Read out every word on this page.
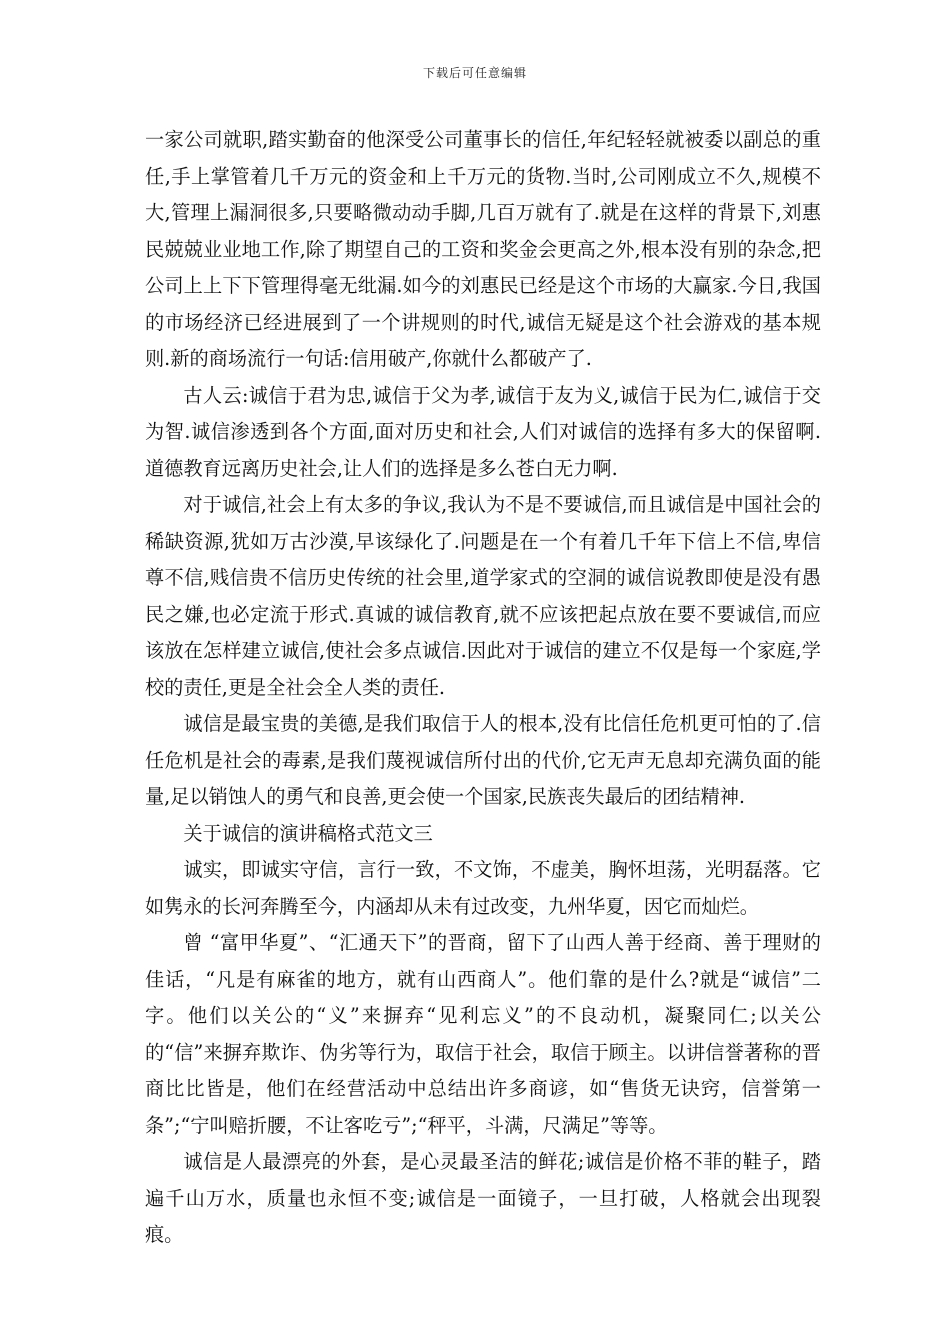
下载后可任意编辑

一家公司就职,踏实勤奋的他深受公司董事长的信任,年纪轻轻就被委以副总的重任,手上掌管着几千万元的资金和上千万元的货物.当时,公司刚成立不久,规模不大,管理上漏洞很多,只要略微动动手脚,几百万就有了.就是在这样的背景下,刘惠民兢兢业业地工作,除了期望自己的工资和奖金会更高之外,根本没有别的杂念,把公司上上下下管理得毫无纰漏.如今的刘惠民已经是这个市场的大赢家.今日,我国的市场经济已经进展到了一个讲规则的时代,诚信无疑是这个社会游戏的基本规则.新的商场流行一句话:信用破产,你就什么都破产了.

古人云:诚信于君为忠,诚信于父为孝,诚信于友为义,诚信于民为仁,诚信于交为智.诚信渗透到各个方面,面对历史和社会,人们对诚信的选择有多大的保留啊.道德教育远离历史社会,让人们的选择是多么苍白无力啊.

对于诚信,社会上有太多的争议,我认为不是不要诚信,而且诚信是中国社会的稀缺资源,犹如万古沙漠,早该绿化了.问题是在一个有着几千年下信上不信,卑信尊不信,贱信贵不信历史传统的社会里,道学家式的空洞的诚信说教即使是没有愚民之嫌,也必定流于形式.真诚的诚信教育,就不应该把起点放在要不要诚信,而应该放在怎样建立诚信,使社会多点诚信.因此对于诚信的建立不仅是每一个家庭,学校的责任,更是全社会全人类的责任.

诚信是最宝贵的美德,是我们取信于人的根本,没有比信任危机更可怕的了.信任危机是社会的毒素,是我们蔑视诚信所付出的代价,它无声无息却充满负面的能量,足以销蚀人的勇气和良善,更会使一个国家,民族丧失最后的团结精神.

关于诚信的演讲稿格式范文三

诚实，即诚实守信，言行一致，不文饰，不虚美，胸怀坦荡，光明磊落。它如隽永的长河奔腾至今，内涵却从未有过改变，九州华夏，因它而灿烂。

曾 “富甲华夏”、“汇通天下”的晋商，留下了山西人善于经商、善于理财的佳话，“凡是有麻雀的地方，就有山西商人”。他们靠的是什么?就是“诚信”二字。他们以关公的“义”来摒弃“见利忘义”的不良动机，凝聚同仁;以关公的“信”来摒弃欺诈、伪劣等行为，取信于社会，取信于顾主。以讲信誉著称的晋商比比皆是，他们在经营活动中总结出许多商谚，如“售货无诀窍，信誉第一条”;“宁叫赔折腰，不让客吃亏”;“秤平，斗满，尺满足”等等。

诚信是人最漂亮的外套，是心灵最圣洁的鲜花;诚信是价格不菲的鞋子，踏遍千山万水，质量也永恒不变;诚信是一面镜子，一旦打破，人格就会出现裂痕。
